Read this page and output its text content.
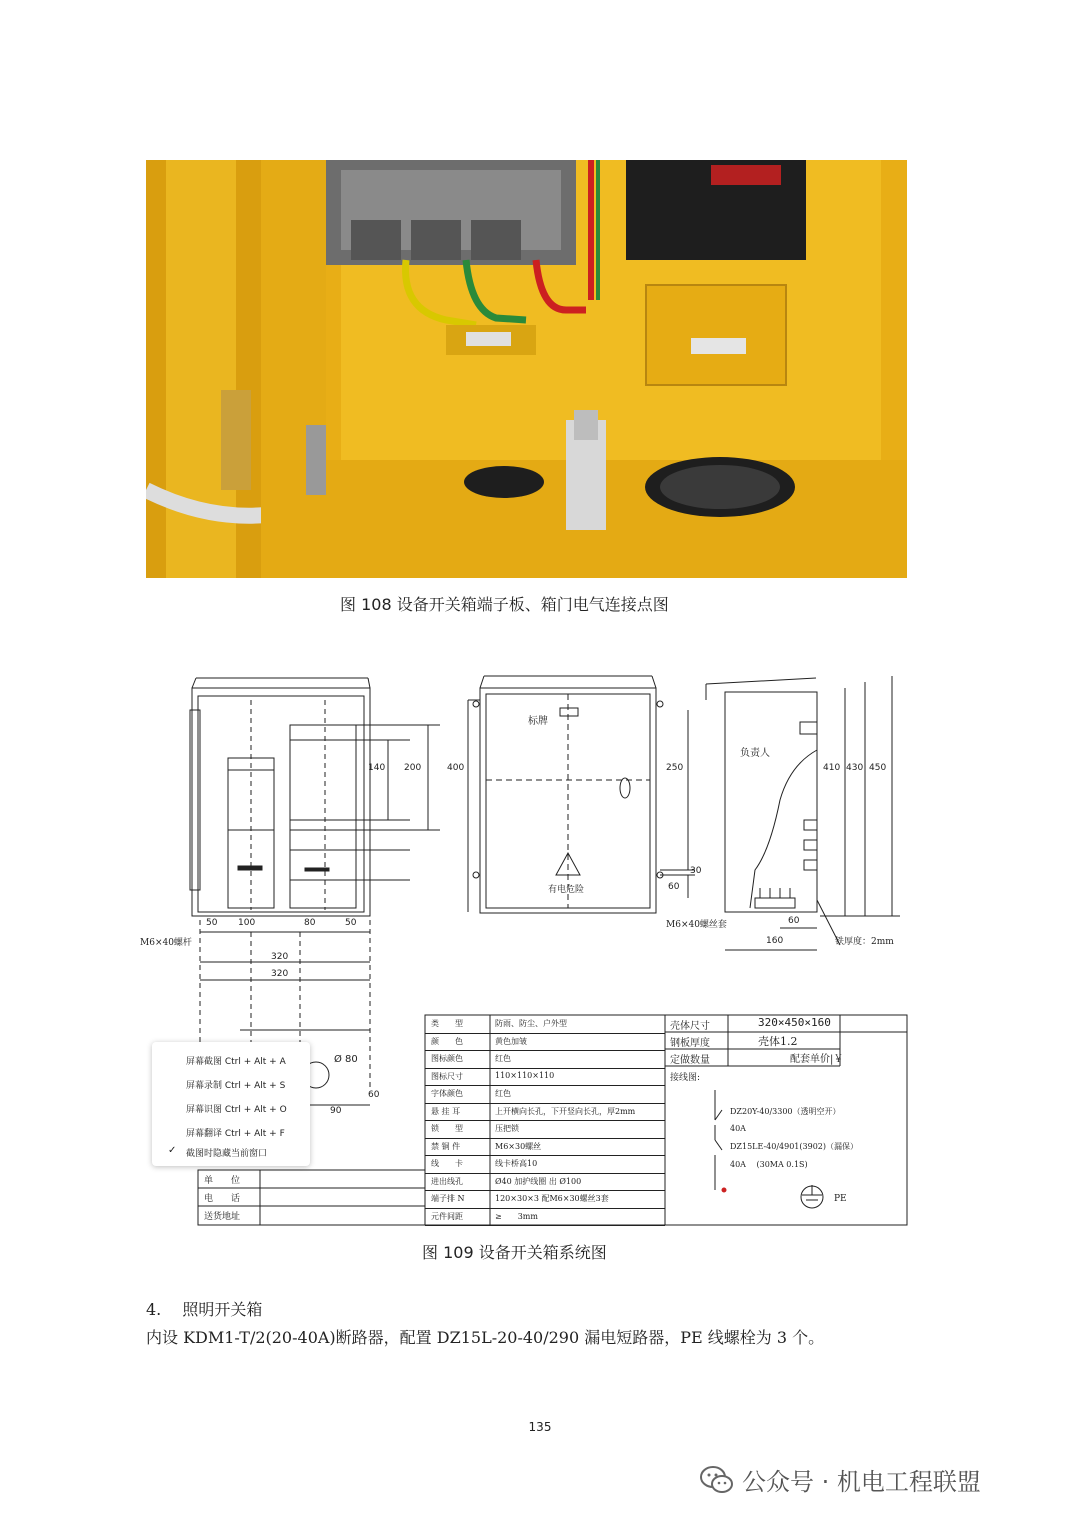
图 108 设备开关箱端子板、箱门电气连接点图
标牌
有电危险
负责人
M6×40螺杆
M6×40螺丝套
铁厚度：2mm
50 100	80	50
320
320
140 200	400	250
30
60
60
160
410 430 450
90
60
Ø 80
类　　型	防雨、防尘、户外型
颜　　色	黄色加皱
图标颜色	红色
图标尺寸	110×110×110
字体颜色	红色
悬 挂 耳	上开横向长孔，下开竖向长孔，厚2mm
锁　　型	压把锁
禁 铜 件	M6×30螺丝
线　　卡	线卡桥高10
进出线孔	Ø40 加护线圈 出 Ø100
端子排 N	120×30×3 配M6×30螺丝3套
元件间距	≥　　3mm
单　　位
电　　话
送货地址
壳体尺寸	320×450×160
钢板厚度	壳体1.2
定做数量	配套单价|￥
接线图:
DZ20Y-40/3300（透明空开）
40A
DZ15LE-40/4901(3902)（漏保）
40A　 (30MA 0.1S)
PE
屏幕截图 Ctrl + Alt + A
屏幕录制 Ctrl + Alt + S
屏幕识图 Ctrl + Alt + O
屏幕翻译 Ctrl + Alt + F
✓ 截图时隐藏当前窗口
图 109 设备开关箱系统图
4.　 照明开关箱
内设 KDM1-T/2(20-40A)断路器，配置 DZ15L-20-40/290 漏电短路器，PE 线螺栓为 3 个。
135
公众号 · 机电工程联盟
